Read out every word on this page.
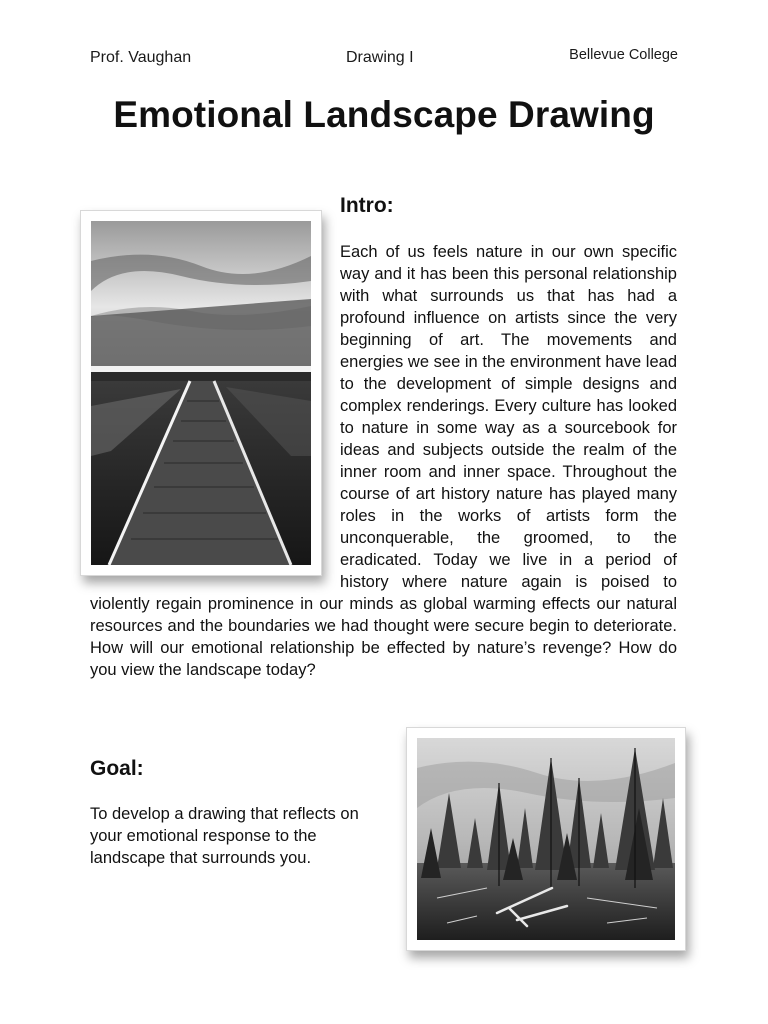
Prof. Vaughan	Drawing I	Bellevue College
Emotional Landscape Drawing
Intro:
Each of us feels nature in our own specific way and it has been this personal relationship with what surrounds us that has had a profound influence on artists since the very beginning of art. The movements and energies we see in the environment have lead to the development of simple designs and complex renderings. Every culture has looked to nature in some way as a sourcebook for ideas and subjects outside the realm of the inner room and inner space. Throughout the course of art history nature has played many roles in the works of artists form the unconquerable, the groomed, to the eradicated. Today we live in a period of history where nature again is poised to violently regain prominence in our minds as global warming effects our natural resources and the boundaries we had thought were secure begin to deteriorate. How will our emotional relationship be effected by nature’s revenge? How do you view the landscape today?
Goal:
To develop a drawing that reflects on your emotional response to the landscape that surrounds you.
